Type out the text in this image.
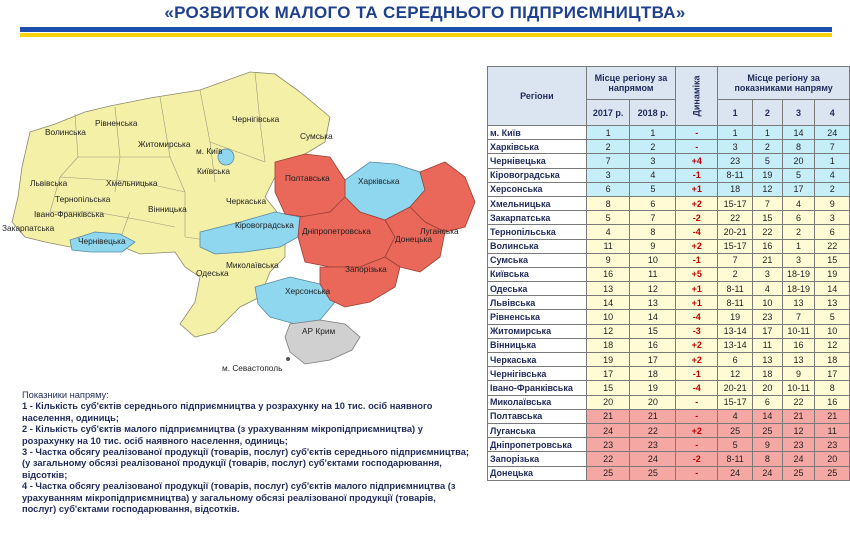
«РОЗВИТОК МАЛОГО ТА СЕРЕДНЬОГО ПІДПРИЄМНИЦТВА»
Волинська
Рівненська
Житомирська
Чернігівська
Сумська
м. Київ
Київська
Львівська
Тернопільська
Хмельницька
Вінницька
Полтавська	Харківська
Черкаська
Івано-Франківська
Закарпатська	Кіровоградська
Чернівецька
Дніпропетровська	Луганська
Донецька
Миколаївська
Одеська	Запорізька
Херсонська
АР Крим
м. Севастополь
Показники напряму:
1 - Кількість суб'єктів середнього підприємництва у розрахунку на 10 тис. осіб наявного населення, одиниць;
2 - Кількість суб'єктів малого підприємництва (з урахуванням мікропідприємництва) у розрахунку на 10 тис. осіб наявного населення, одиниць;
3 - Частка обсягу реалізованої продукції (товарів, послуг) суб'єктів середнього підприємництва;
(у загальному обсязі реалізованої продукції (товарів, послуг) суб'єктами господарювання, відсотків;
4 - Частка обсягу реалізованої продукції (товарів, послуг) суб'єктів малого підприємництва (з урахуванням мікропідприємництва) у загальному обсязі реалізованої продукції (товарів, послуг) суб'єктами господарювання, відсотків.
Регіони	Місце регіону за напрямом		Динаміка	Місце регіону за показниками напряму			
	2017 р.	2018 р.		1	2	3	4
м. Київ	1	1	-	1	1	14	24
Харківська	2	2	-	3	2	8	7
Чернівецька	7	3	+4	23	5	20	1
Кіровоградська	3	4	-1	8-11	19	5	4
Херсонська	6	5	+1	18	12	17	2
Хмельницька	8	6	+2	15-17	7	4	9
Закарпатська	5	7	-2	22	15	6	3
Тернопільська	4	8	-4	20-21	22	2	6
Волинська	11	9	+2	15-17	16	1	22
Сумська	9	10	-1	7	21	3	15
Київська	16	11	+5	2	3	18-19	19
Одеська	13	12	+1	8-11	4	18-19	14
Львівська	14	13	+1	8-11	10	13	13
Рівненська	10	14	-4	19	23	7	5
Житомирська	12	15	-3	13-14	17	10-11	10
Вінницька	18	16	+2	13-14	11	16	12
Черкаська	19	17	+2	6	13	13	18
Чернігівська	17	18	-1	12	18	9	17
Івано-Франківська	15	19	-4	20-21	20	10-11	8
Миколаївська	20	20	-	15-17	6	22	16
Полтавська	21	21	-	4	14	21	21
Луганська	24	22	+2	25	25	12	11
Дніпропетровська	23	23	-	5	9	23	23
Запорізька	22	24	-2	8-11	8	24	20
Донецька	25	25	-	24	24	25	25
